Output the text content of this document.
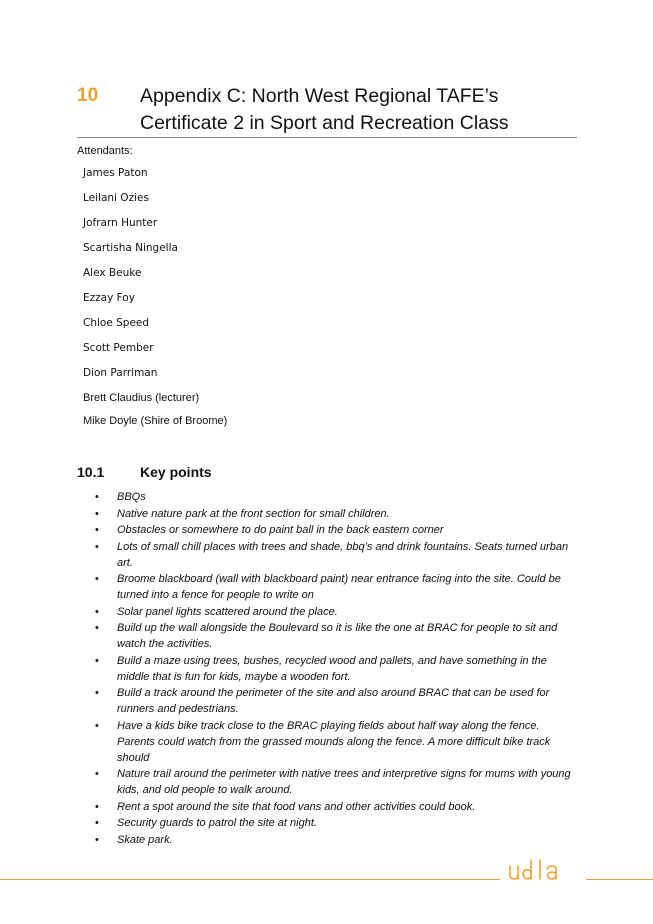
10 Appendix C: North West Regional TAFE’s Certificate 2 in Sport and Recreation Class
Attendants:
James Paton
Leilani Ozies
Jofrarn Hunter
Scartisha Ningella
Alex Beuke
Ezzay Foy
Chloe Speed
Scott Pember
Dion Parriman
Brett Claudius (lecturer)
Mike Doyle (Shire of Broome)
10.1	Key points
• BBQs
• Native nature park at the front section for small children.
• Obstacles or somewhere to do paint ball in the back eastern corner
• Lots of small chill places with trees and shade, bbq’s and drink fountains. Seats turned urban art.
• Broome blackboard (wall with blackboard paint) near entrance facing into the site. Could be turned into a fence for people to write on
• Solar panel lights scattered around the place.
• Build up the wall alongside the Boulevard so it is like the one at BRAC for people to sit and watch the activities.
• Build a maze using trees, bushes, recycled wood and pallets, and have something in the middle that is fun for kids, maybe a wooden fort.
• Build a track around the perimeter of the site and also around BRAC that can be used for runners and pedestrians.
• Have a kids bike track close to the BRAC playing fields about half way along the fence. Parents could watch from the grassed mounds along the fence. A more difficult bike track should
• Nature trail around the perimeter with native trees and interpretive signs for mums with young kids, and old people to walk around.
• Rent a spot around the site that food vans and other activities could book.
• Security guards to patrol the site at night.
• Skate park.
